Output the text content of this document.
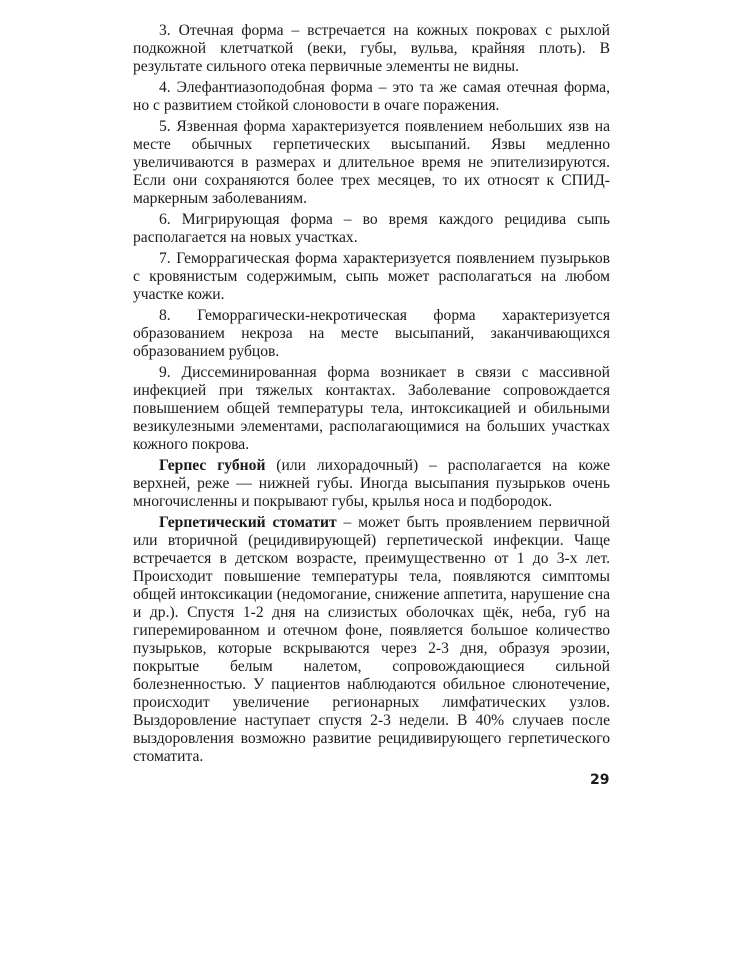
3. Отечная форма – встречается на кожных покровах с рыхлой подкожной клетчаткой (веки, губы, вульва, крайняя плоть). В результате сильного отека первичные элементы не видны.

4. Элефантиазоподобная форма – это та же самая отечная форма, но с развитием стойкой слоновости в очаге поражения.

5. Язвенная форма характеризуется появлением небольших язв на месте обычных герпетических высыпаний. Язвы медленно увеличиваются в размерах и длительное время не эпителизируются. Если они сохраняются более трех месяцев, то их относят к СПИД-маркерным заболеваниям.

6. Мигрирующая форма – во время каждого рецидива сыпь располагается на новых участках.

7. Геморрагическая форма характеризуется появлением пузырьков с кровянистым содержимым, сыпь может располагаться на любом участке кожи.

8. Геморрагически-некротическая форма характеризуется образованием некроза на месте высыпаний, заканчивающихся образованием рубцов.

9. Диссеминированная форма возникает в связи с массивной инфекцией при тяжелых контактах. Заболевание сопровождается повышением общей температуры тела, интоксикацией и обильными везикулезными элементами, располагающимися на больших участках кожного покрова.

Герпес губной (или лихорадочный) – располагается на коже верхней, реже — нижней губы. Иногда высыпания пузырьков очень многочисленны и покрывают губы, крылья носа и подбородок.

Герпетический стоматит – может быть проявлением первичной или вторичной (рецидивирующей) герпетической инфекции. Чаще встречается в детском возрасте, преимущественно от 1 до 3-х лет. Происходит повышение температуры тела, появляются симптомы общей интоксикации (недомогание, снижение аппетита, нарушение сна и др.). Спустя 1-2 дня на слизистых оболочках щёк, неба, губ на гиперемированном и отечном фоне, появляется большое количество пузырьков, которые вскрываются через 2-3 дня, образуя эрозии, покрытые белым налетом, сопровождающиеся сильной болезненностью. У пациентов наблюдаются обильное слюнотечение, происходит увеличение регионарных лимфатических узлов. Выздоровление наступает спустя 2-3 недели. В 40% случаев после выздоровления возможно развитие рецидивирующего герпетического стоматита.

29
